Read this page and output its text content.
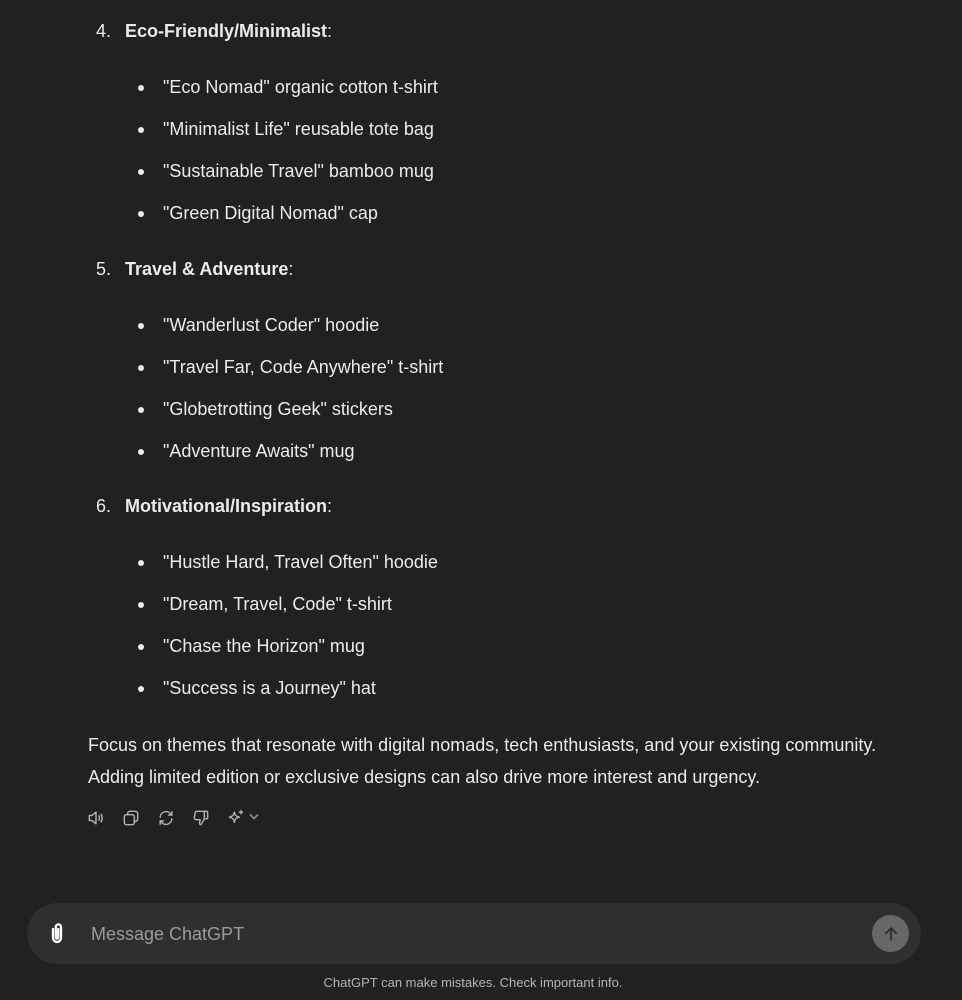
4. Eco-Friendly/Minimalist:
"Eco Nomad" organic cotton t-shirt
"Minimalist Life" reusable tote bag
"Sustainable Travel" bamboo mug
"Green Digital Nomad" cap
5. Travel & Adventure:
"Wanderlust Coder" hoodie
"Travel Far, Code Anywhere" t-shirt
"Globetrotting Geek" stickers
"Adventure Awaits" mug
6. Motivational/Inspiration:
"Hustle Hard, Travel Often" hoodie
"Dream, Travel, Code" t-shirt
"Chase the Horizon" mug
"Success is a Journey" hat

Focus on themes that resonate with digital nomads, tech enthusiasts, and your existing community. Adding limited edition or exclusive designs can also drive more interest and urgency.

Message ChatGPT
ChatGPT can make mistakes. Check important info.
